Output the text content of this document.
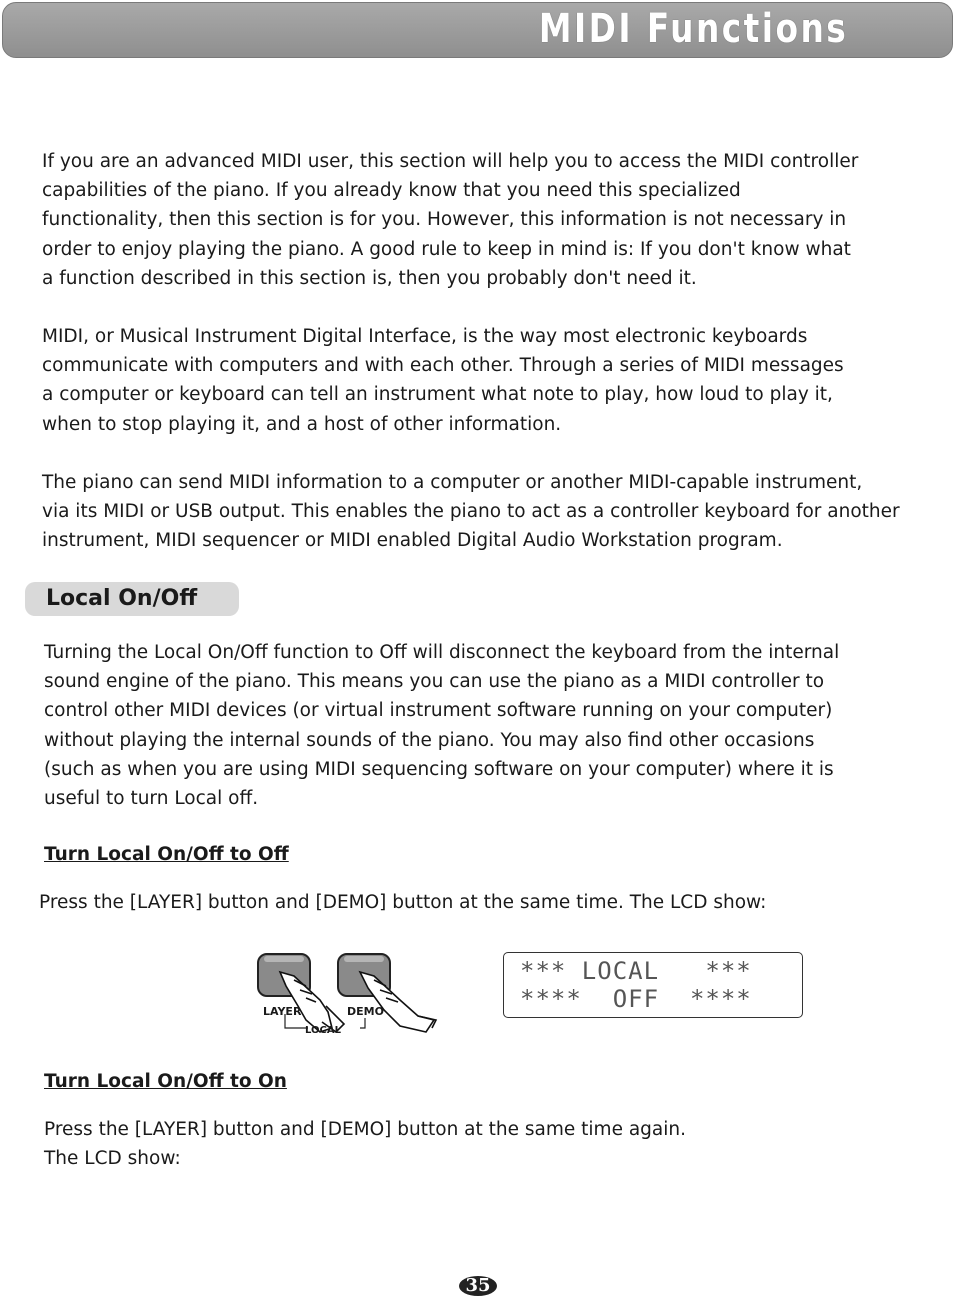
MIDI Functions

If you are an advanced MIDI user, this section will help you to access the MIDI controller
capabilities of the piano. If you already know that you need this specialized
functionality, then this section is for you. However, this information is not necessary in
order to enjoy playing the piano. A good rule to keep in mind is: If you don't know what
a function described in this section is, then you probably don't need it.

MIDI, or Musical Instrument Digital Interface, is the way most electronic keyboards
communicate with computers and with each other. Through a series of MIDI messages
a computer or keyboard can tell an instrument what note to play, how loud to play it,
when to stop playing it, and a host of other information.

The piano can send MIDI information to a computer or another MIDI-capable instrument,
via its MIDI or USB output. This enables the piano to act as a controller keyboard for another
instrument, MIDI sequencer or MIDI enabled Digital Audio Workstation program.

Local On/Off

Turning the Local On/Off function to Off will disconnect the keyboard from the internal
sound engine of the piano. This means you can use the piano as a MIDI controller to
control other MIDI devices (or virtual instrument software running on your computer)
without playing the internal sounds of the piano. You may also find other occasions
(such as when you are using MIDI sequencing software on your computer) where it is
useful to turn Local off.

Turn Local On/Off to Off

Press the [LAYER] button and [DEMO] button at the same time. The LCD show:

LAYER	DEMO

LOCAL

*** LOCAL   ***

****  OFF  ****

Turn Local On/Off to On

Press the [LAYER] button and [DEMO] button at the same time again.
The LCD show:

35
